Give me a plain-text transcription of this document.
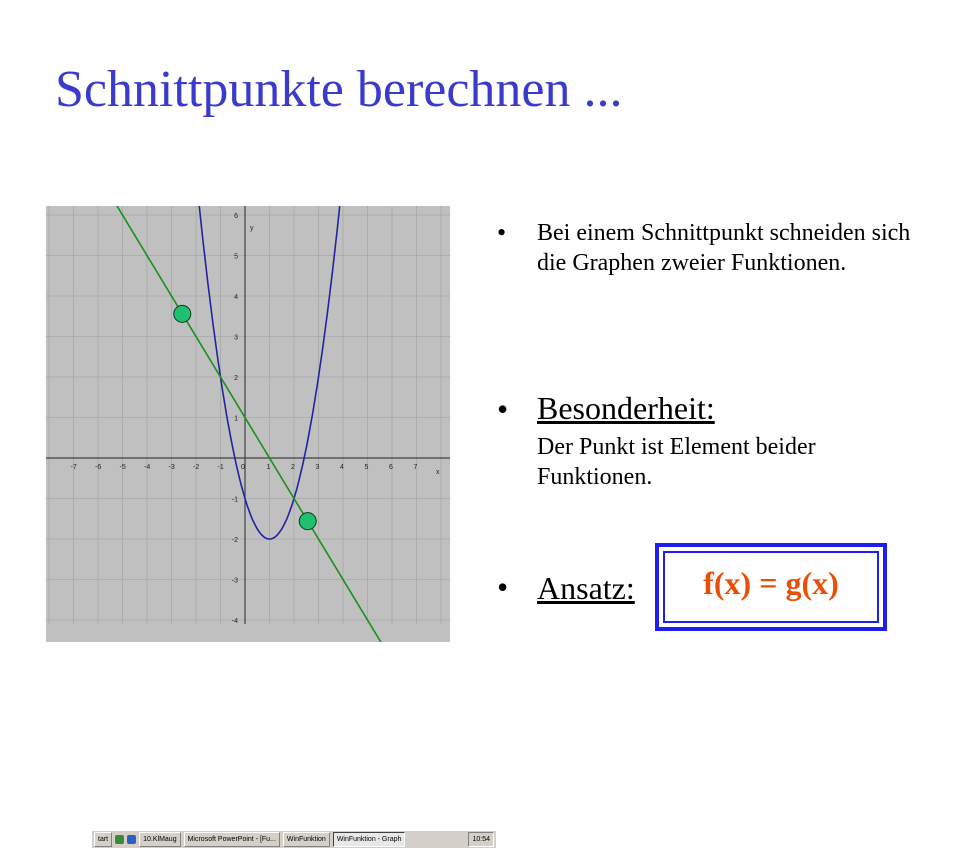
Schnittpunkte berechnen ...
-7	-6	-5	-4	-3	-2	-1 0	1	2	3	4	5	6	7
6
5
4
3
2
1
-1
-2
-3
-4
y
x
tart	10.KlMaug	Microsoft PowerPoint - [Fu...	WinFunktion	WinFunktion - Graph	10:54
• Bei einem Schnittpunkt schneiden sich die Graphen zweier Funktionen.
• Besonderheit:
Der Punkt ist Element beider Funktionen.
• Ansatz:	f(x) = g(x)
